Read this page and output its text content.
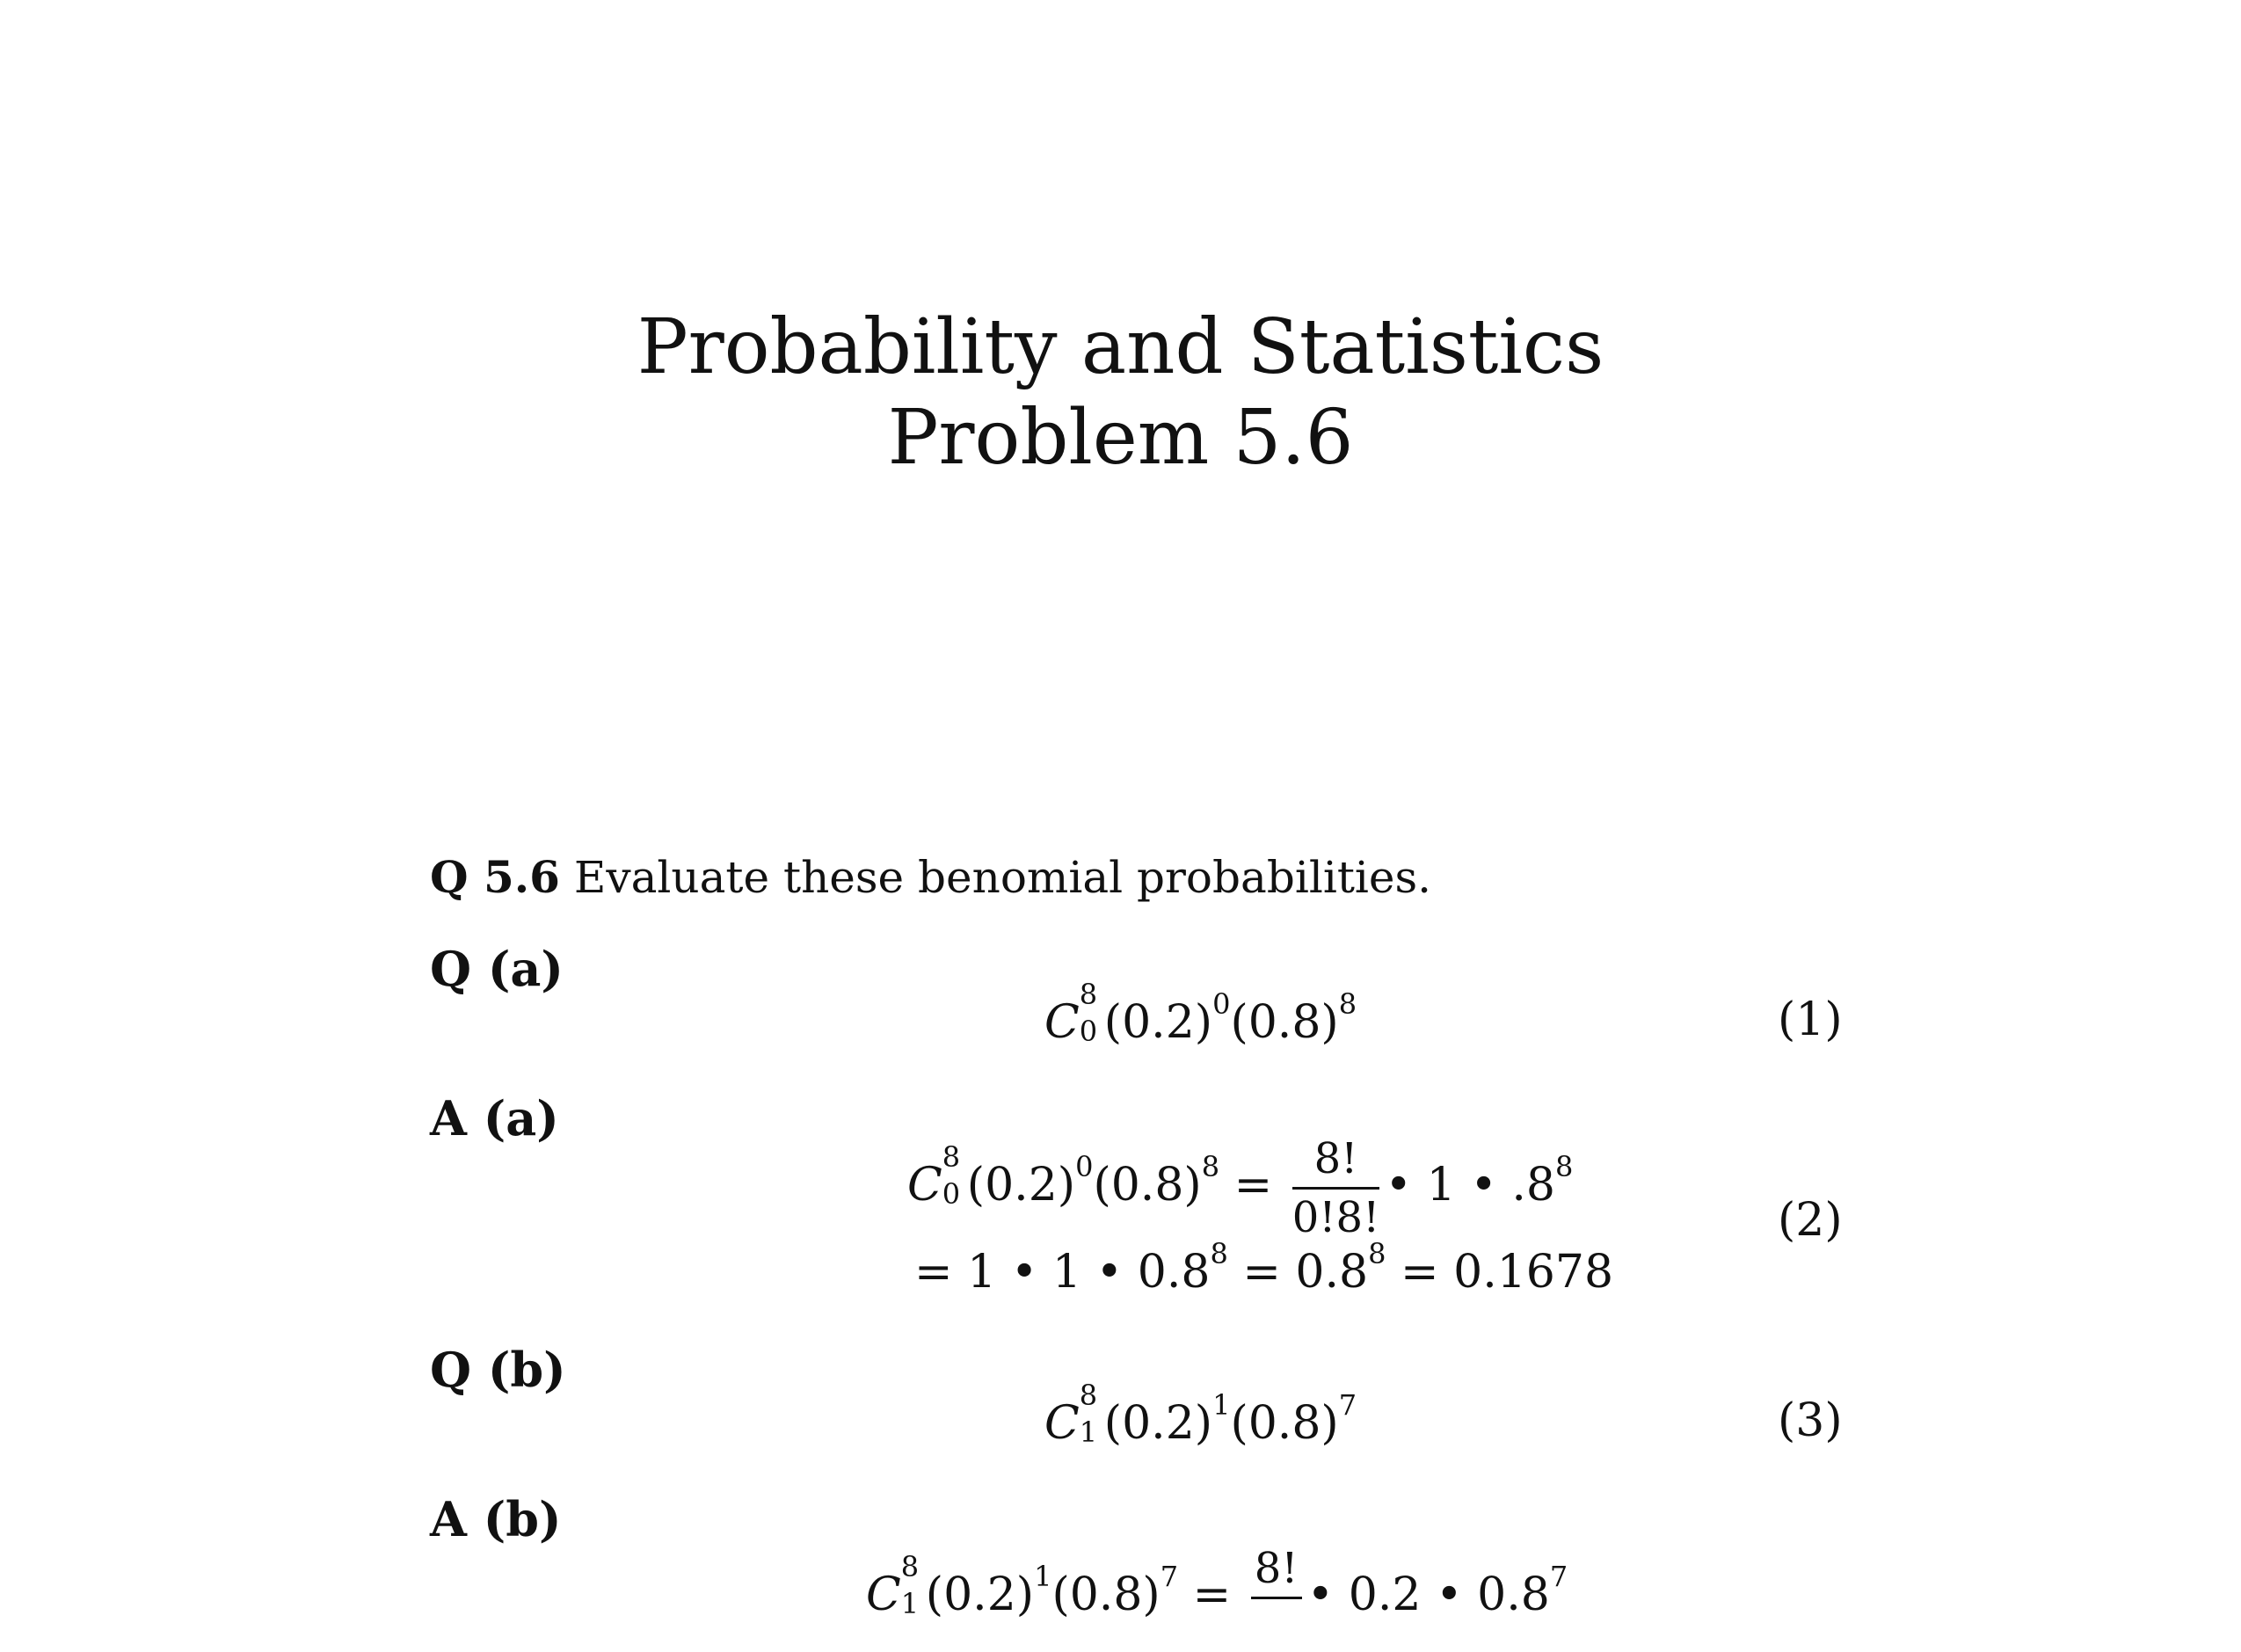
Probability and Statistics
Problem 5.6
Q 5.6 Evaluate these benomial probabilities.
Q (a)
C
8
0 $(0.2)^0(0.8)^8$	(1)
A (a)
C
8
0 $(0.2)^0(0.8)^8 = \frac{8!}{0!8!}$ • 1 • $.8^8$
= 1 • 1 • $0.8^8 = 0.8^8 = 0.1678$
(2)
Q (b)
C
8
1 $(0.2)^1(0.8)^7$	(3)
A (b)
C
8
1 $(0.2)^1(0.8)^7 = 8$!
• 0.2 • $0.8^7$
